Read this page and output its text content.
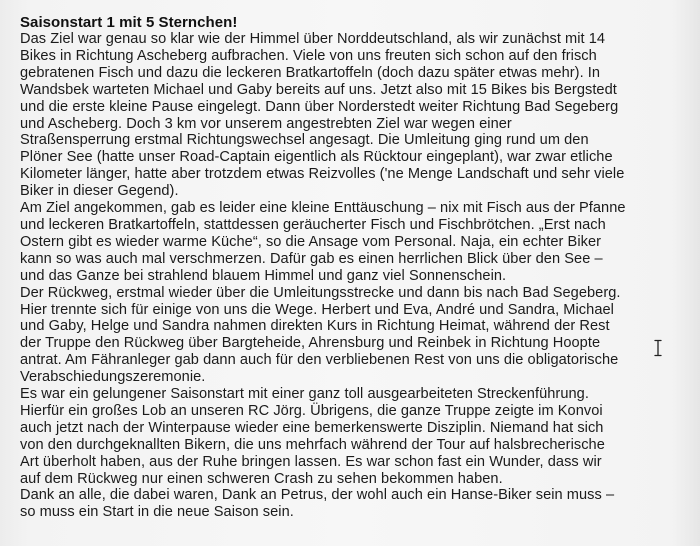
Saisonstart 1 mit 5 Sternchen!
Das Ziel war genau so klar wie der Himmel über Norddeutschland, als wir zunächst mit 14
Bikes in Richtung Ascheberg aufbrachen. Viele von uns freuten sich schon auf den frisch
gebratenen Fisch und dazu die leckeren Bratkartoffeln (doch dazu später etwas mehr). In
Wandsbek warteten Michael und Gaby bereits auf uns. Jetzt also mit 15 Bikes bis Bergstedt
und die erste kleine Pause eingelegt. Dann über Norderstedt weiter Richtung Bad Segeberg
und Ascheberg. Doch 3 km vor unserem angestrebten Ziel war wegen einer
Straßensperrung erstmal Richtungswechsel angesagt. Die Umleitung ging rund um den
Plöner See (hatte unser Road-Captain eigentlich als Rücktour eingeplant), war zwar etliche
Kilometer länger, hatte aber trotzdem etwas Reizvolles ('ne Menge Landschaft und sehr viele
Biker in dieser Gegend).
Am Ziel angekommen, gab es leider eine kleine Enttäuschung – nix mit Fisch aus der Pfanne
und leckeren Bratkartoffeln, stattdessen geräucherter Fisch und Fischbrötchen. „Erst nach
Ostern gibt es wieder warme Küche“, so die Ansage vom Personal. Naja, ein echter Biker
kann so was auch mal verschmerzen. Dafür gab es einen herrlichen Blick über den See –
und das Ganze bei strahlend blauem Himmel und ganz viel Sonnenschein.
Der Rückweg, erstmal wieder über die Umleitungsstrecke und dann bis nach Bad Segeberg.
Hier trennte sich für einige von uns die Wege. Herbert und Eva, André und Sandra, Michael
und Gaby, Helge und Sandra nahmen direkten Kurs in Richtung Heimat, während der Rest
der Truppe den Rückweg über Bargteheide, Ahrensburg und Reinbek in Richtung Hoopte
antrat. Am Fähranleger gab dann auch für den verbliebenen Rest von uns die obligatorische
Verabschiedungszeremonie.
Es war ein gelungener Saisonstart mit einer ganz toll ausgearbeiteten Streckenführung.
Hierfür ein großes Lob an unseren RC Jörg. Übrigens, die ganze Truppe zeigte im Konvoi
auch jetzt nach der Winterpause wieder eine bemerkenswerte Disziplin. Niemand hat sich
von den durchgeknallten Bikern, die uns mehrfach während der Tour auf halsbrecherische
Art überholt haben, aus der Ruhe bringen lassen. Es war schon fast ein Wunder, dass wir
auf dem Rückweg nur einen schweren Crash zu sehen bekommen haben.
Dank an alle, die dabei waren, Dank an Petrus, der wohl auch ein Hanse-Biker sein muss –
so muss ein Start in die neue Saison sein.
